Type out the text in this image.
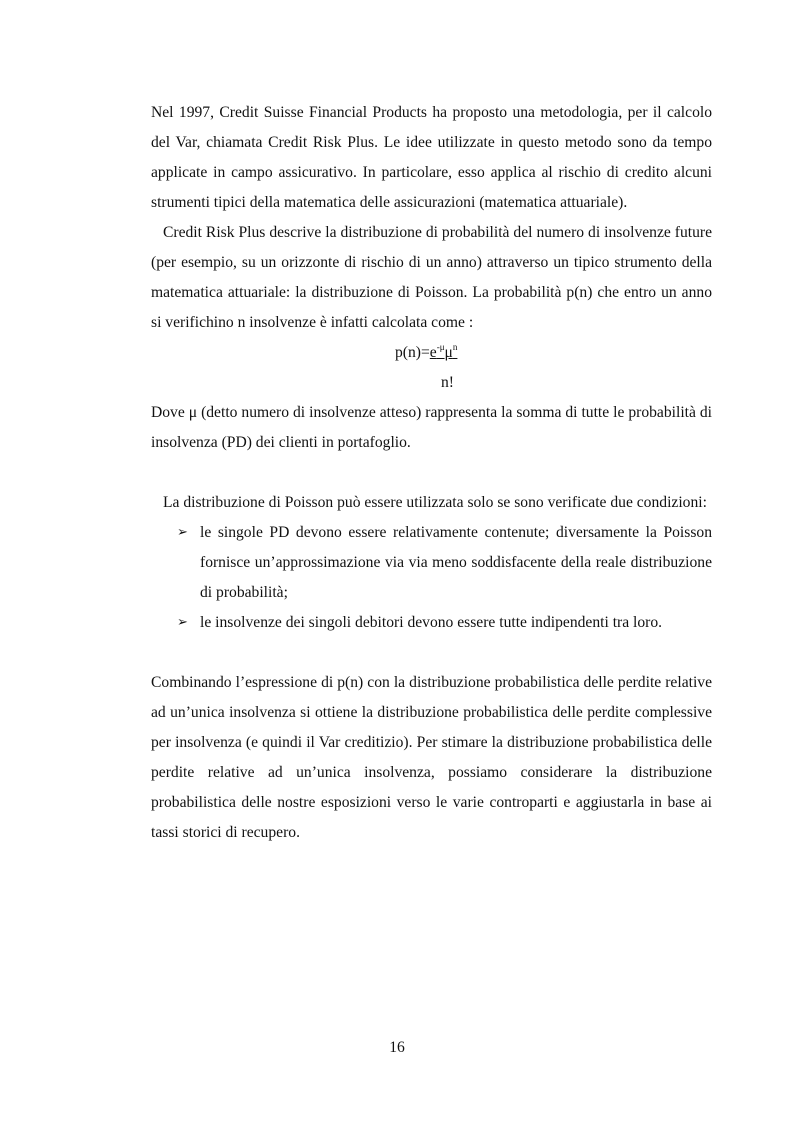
Nel 1997, Credit Suisse Financial Products ha proposto una metodologia, per il calcolo del Var, chiamata Credit Risk Plus. Le idee utilizzate in questo metodo sono da tempo applicate in campo assicurativo. In particolare, esso applica al rischio di credito alcuni strumenti tipici della matematica delle assicurazioni (matematica attuariale).

Credit Risk Plus descrive la distribuzione di probabilità del numero di insolvenze future (per esempio, su un orizzonte di rischio di un anno) attraverso un tipico strumento della matematica attuariale: la distribuzione di Poisson. La probabilità p(n) che entro un anno si verifichino n insolvenze è infatti calcolata come :

$p(n)=e^{-\mu}\mu^n$
n!

Dove μ (detto numero di insolvenze atteso) rappresenta la somma di tutte le probabilità di insolvenza (PD) dei clienti in portafoglio.

La distribuzione di Poisson può essere utilizzata solo se sono verificate due condizioni:

➢ le singole PD devono essere relativamente contenute; diversamente la Poisson fornisce un’approssimazione via via meno soddisfacente della reale distribuzione di probabilità;
➢ le insolvenze dei singoli debitori devono essere tutte indipendenti tra loro.

Combinando l’espressione di p(n) con la distribuzione probabilistica delle perdite relative ad un’unica insolvenza si ottiene la distribuzione probabilistica delle perdite complessive per insolvenza (e quindi il Var creditizio). Per stimare la distribuzione probabilistica delle perdite relative ad un’unica insolvenza, possiamo considerare la distribuzione probabilistica delle nostre esposizioni verso le varie controparti e aggiustarla in base ai tassi storici di recupero.

16
